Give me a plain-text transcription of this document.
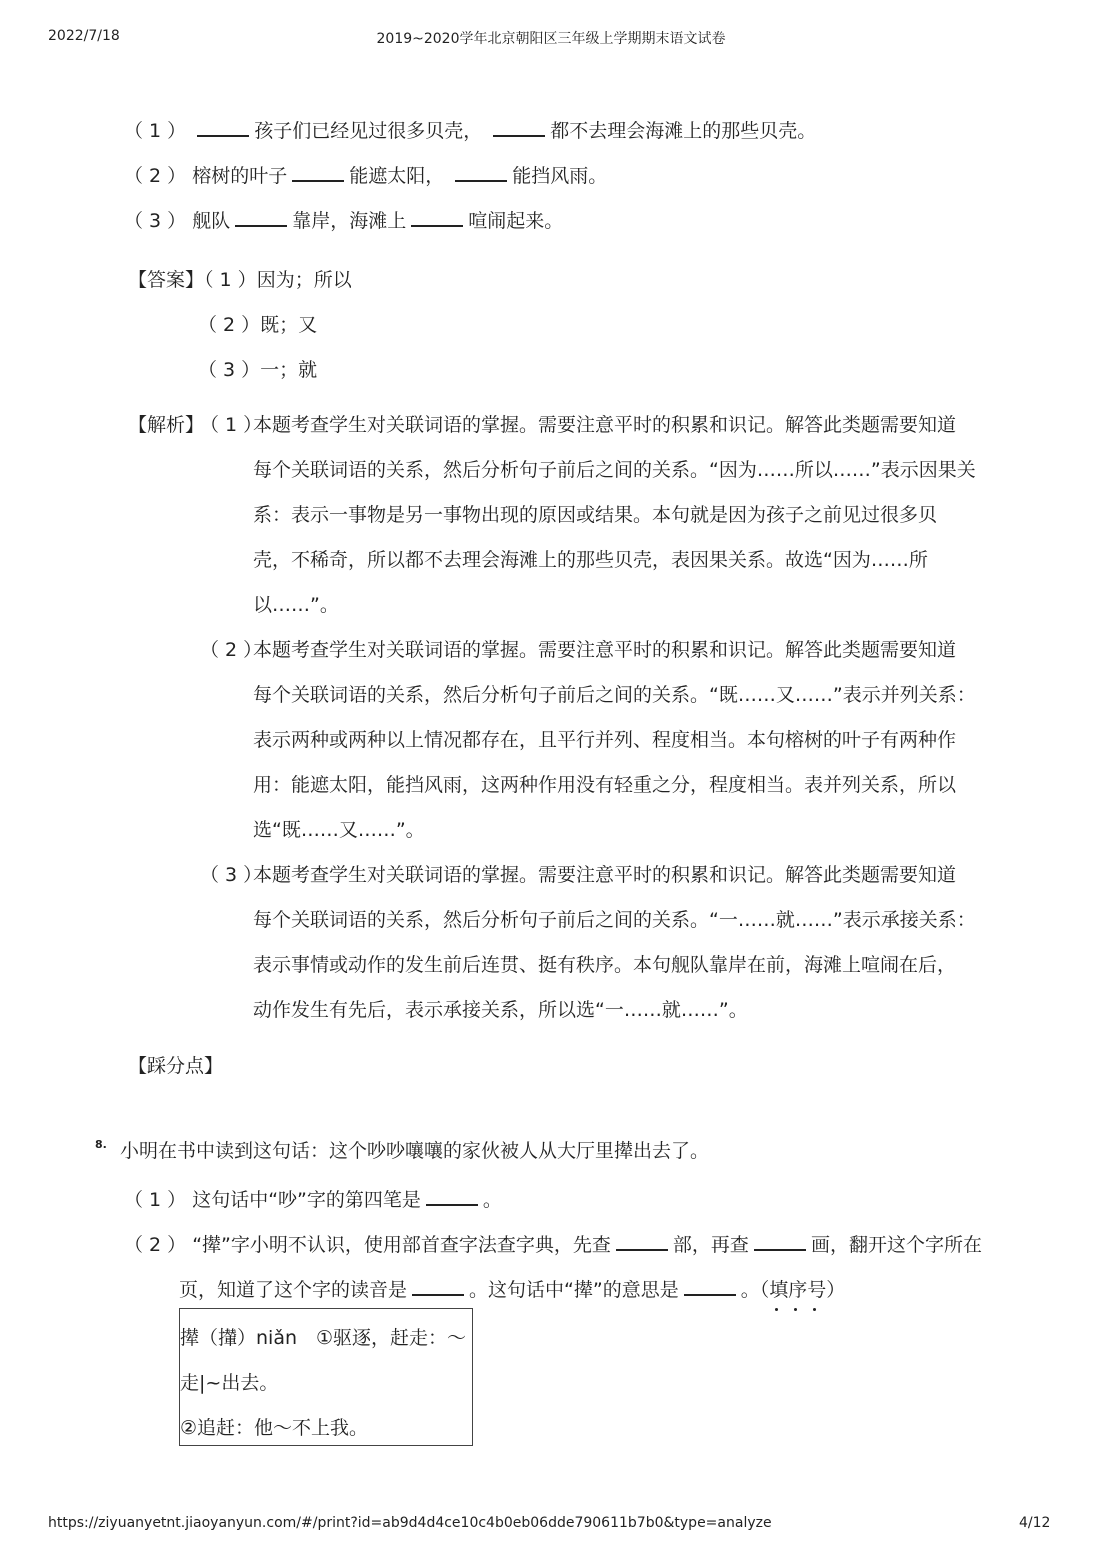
2022/7/18	2019~2020学年北京朝阳区三年级上学期期末语文试卷
（ 1 ）	孩子们已经见过很多贝壳，	都不去理会海滩上的那些贝壳。
（ 2 ） 榕树的叶子	能遮太阳，	能挡风雨。
（ 3 ） 舰队	靠岸，海滩上	喧闹起来。
【答案】（ 1 ）因为；所以
（ 2 ）既；又
（ 3 ）一；就
【解析】
（ 1 ）
本题考查学生对关联词语的掌握。需要注意平时的积累和识记。解答此类题需要知道
每个关联词语的关系，然后分析句子前后之间的关系。“因为……所以……”表示因果关
系：表示一事物是另一事物出现的原因或结果。本句就是因为孩子之前见过很多贝
壳，不稀奇，所以都不去理会海滩上的那些贝壳，表因果关系。故选“因为……所
以……”。
（ 2 ）
本题考查学生对关联词语的掌握。需要注意平时的积累和识记。解答此类题需要知道
每个关联词语的关系，然后分析句子前后之间的关系。“既……又……”表示并列关系：
表示两种或两种以上情况都存在，且平行并列、程度相当。本句榕树的叶子有两种作
用：能遮太阳，能挡风雨，这两种作用没有轻重之分，程度相当。表并列关系，所以
选“既……又……”。
（ 3 ）
本题考查学生对关联词语的掌握。需要注意平时的积累和识记。解答此类题需要知道
每个关联词语的关系，然后分析句子前后之间的关系。“一……就……”表示承接关系：
表示事情或动作的发生前后连贯、挺有秩序。本句舰队靠岸在前，海滩上喧闹在后，
动作发生有先后，表示承接关系，所以选“一……就……”。
【踩分点】
8. 小明在书中读到这句话：这个吵吵嚷嚷的家伙被人从大厅里撵出去了。
（ 1 ） 这句话中“吵”字的第四笔是	。
（ 2 ） “撵”字小明不认识，使用部首查字法查字典，先查	部，再查	画，翻开这个字所在
页，知道了这个字的读音是	。这句话中“撵”的意思是	。（填序号
）
撵（攆）niǎn　①驱逐，赶走：～
走|~出去。
②追赶：他～不上我。
https://ziyuanyetnt.jiaoyanyun.com/#/print?id=ab9d4d4ce10c4b0eb06dde790611b7b0&type=analyze	4/12
